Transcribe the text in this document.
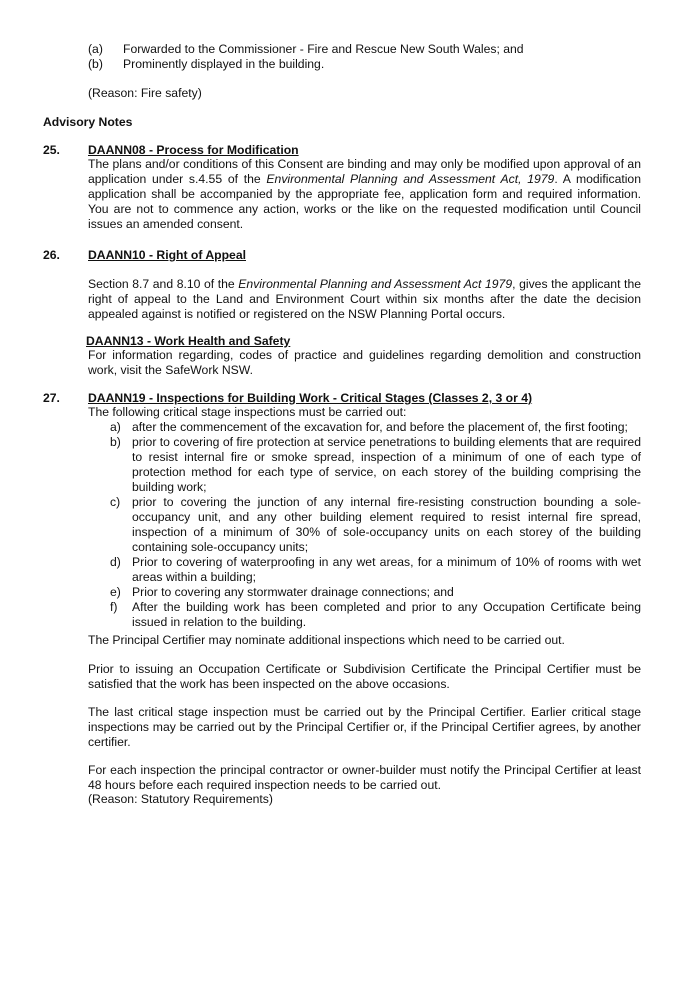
(a) Forwarded to the Commissioner - Fire and Rescue New South Wales; and
(b) Prominently displayed in the building.
(Reason: Fire safety)
Advisory Notes
25. DAANN08 - Process for Modification
The plans and/or conditions of this Consent are binding and may only be modified upon approval of an application under s.4.55 of the Environmental Planning and Assessment Act, 1979. A modification application shall be accompanied by the appropriate fee, application form and required information. You are not to commence any action, works or the like on the requested modification until Council issues an amended consent.
26. DAANN10 - Right of Appeal
Section 8.7 and 8.10 of the Environmental Planning and Assessment Act 1979, gives the applicant the right of appeal to the Land and Environment Court within six months after the date the decision appealed against is notified or registered on the NSW Planning Portal occurs.
DAANN13 - Work Health and Safety
For information regarding, codes of practice and guidelines regarding demolition and construction work, visit the SafeWork NSW.
27. DAANN19 - Inspections for Building Work - Critical Stages (Classes 2, 3 or 4)
The following critical stage inspections must be carried out:
a) after the commencement of the excavation for, and before the placement of, the first footing;
b) prior to covering of fire protection at service penetrations to building elements that are required to resist internal fire or smoke spread, inspection of a minimum of one of each type of protection method for each type of service, on each storey of the building comprising the building work;
c) prior to covering the junction of any internal fire-resisting construction bounding a sole-occupancy unit, and any other building element required to resist internal fire spread, inspection of a minimum of 30% of sole-occupancy units on each storey of the building containing sole-occupancy units;
d) Prior to covering of waterproofing in any wet areas, for a minimum of 10% of rooms with wet areas within a building;
e) Prior to covering any stormwater drainage connections; and
f) After the building work has been completed and prior to any Occupation Certificate being issued in relation to the building.
The Principal Certifier may nominate additional inspections which need to be carried out.
Prior to issuing an Occupation Certificate or Subdivision Certificate the Principal Certifier must be satisfied that the work has been inspected on the above occasions.
The last critical stage inspection must be carried out by the Principal Certifier. Earlier critical stage inspections may be carried out by the Principal Certifier or, if the Principal Certifier agrees, by another certifier.
For each inspection the principal contractor or owner-builder must notify the Principal Certifier at least 48 hours before each required inspection needs to be carried out.
(Reason: Statutory Requirements)
